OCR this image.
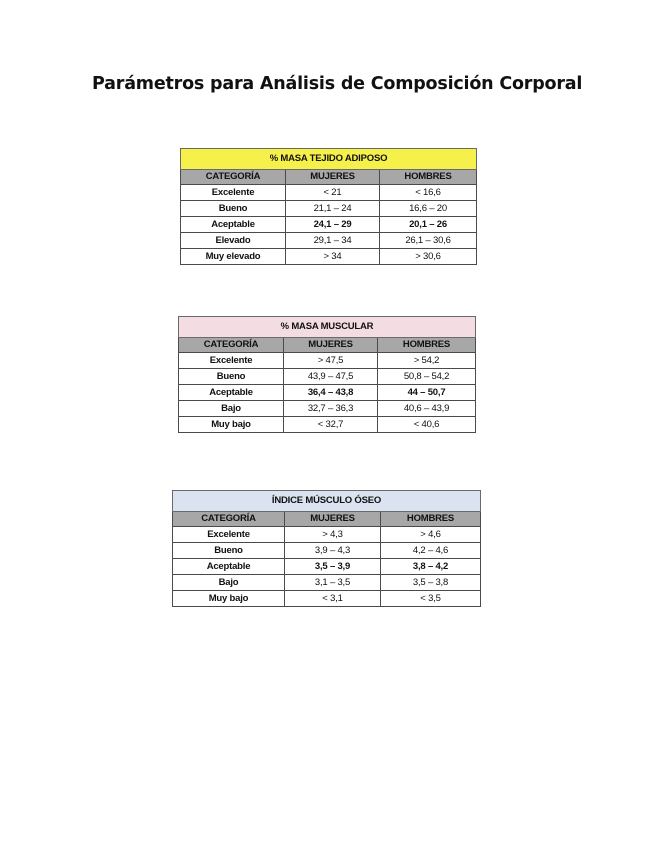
Parámetros para Análisis de Composición Corporal
% MASA TEJIDO ADIPOSO		
CATEGORÍA	MUJERES	HOMBRES
Excelente	< 21	< 16,6
Bueno	21,1 – 24	16,6 – 20
Aceptable	24,1 – 29	20,1 – 26
Elevado	29,1 – 34	26,1 – 30,6
Muy elevado	> 34	> 30,6
% MASA MUSCULAR		
CATEGORÍA	MUJERES	HOMBRES
Excelente	> 47,5	> 54,2
Bueno	43,9 – 47,5	50,8 – 54,2
Aceptable	36,4 – 43,8	44 – 50,7
Bajo	32,7 – 36,3	40,6 – 43,9
Muy bajo	< 32,7	< 40,6
ÍNDICE MÚSCULO ÓSEO		
CATEGORÍA	MUJERES	HOMBRES
Excelente	> 4,3	> 4,6
Bueno	3,9 – 4,3	4,2 – 4,6
Aceptable	3,5 – 3,9	3,8 – 4,2
Bajo	3,1 – 3,5	3,5 – 3,8
Muy bajo	< 3,1	< 3,5
